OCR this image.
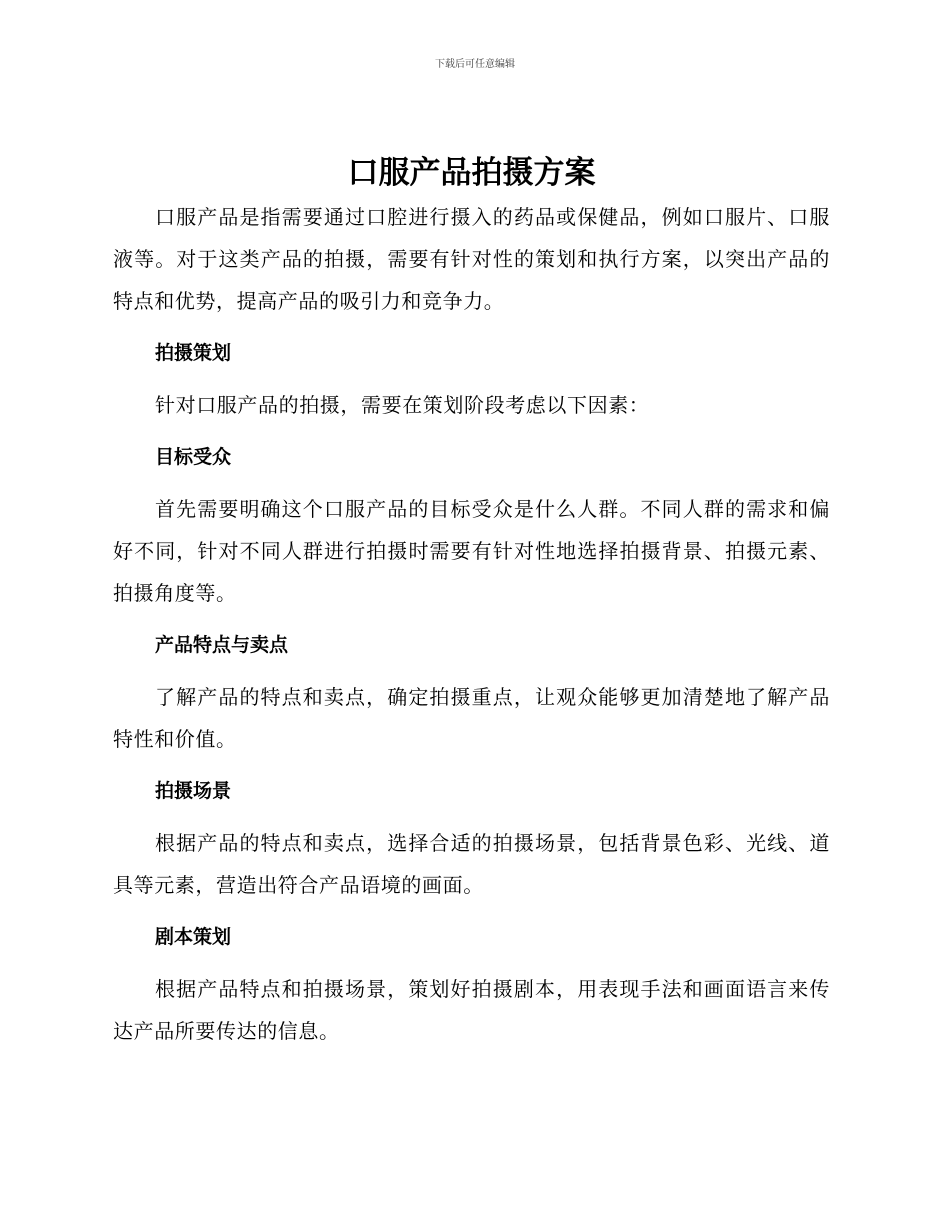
下载后可任意编辑
口服产品拍摄方案

口服产品是指需要通过口腔进行摄入的药品或保健品，例如口服片、口服液等。对于这类产品的拍摄，需要有针对性的策划和执行方案，以突出产品的特点和优势，提高产品的吸引力和竞争力。

拍摄策划

针对口服产品的拍摄，需要在策划阶段考虑以下因素：

目标受众

首先需要明确这个口服产品的目标受众是什么人群。不同人群的需求和偏好不同，针对不同人群进行拍摄时需要有针对性地选择拍摄背景、拍摄元素、拍摄角度等。

产品特点与卖点

了解产品的特点和卖点，确定拍摄重点，让观众能够更加清楚地了解产品特性和价值。

拍摄场景

根据产品的特点和卖点，选择合适的拍摄场景，包括背景色彩、光线、道具等元素，营造出符合产品语境的画面。

剧本策划

根据产品特点和拍摄场景，策划好拍摄剧本，用表现手法和画面语言来传达产品所要传达的信息。
